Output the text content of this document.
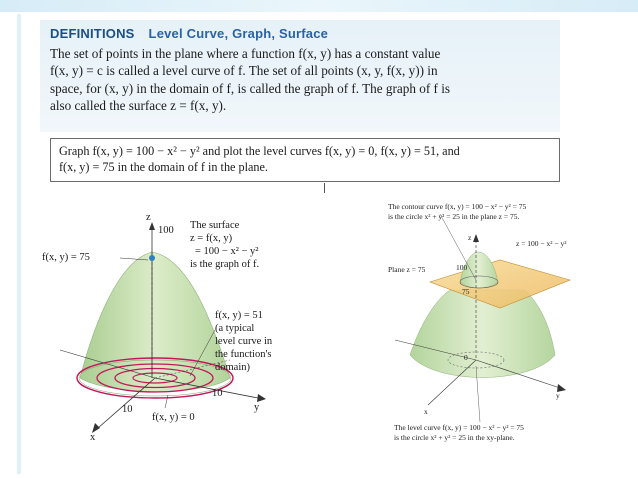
DEFINITIONS Level Curve, Graph, Surface
The set of points in the plane where a function f(x, y) has a constant value
f(x, y) = c is called a level curve of f. The set of all points (x, y, f(x, y)) in
space, for (x, y) in the domain of f, is called the graph of f. The graph of f is
also called the surface z = f(x, y).
Graph f(x, y) = 100 − x² − y² and plot the level curves f(x, y) = 0, f(x, y) = 51, and
f(x, y) = 75 in the domain of f in the plane.
z
100 The surface
z = f(x, y)
= 100 − x² − y²
is the graph of f.
f(x, y) = 75
f(x, y) = 51
(a typical
level curve in
the function's
domain)
10
y
10
x
f(x, y) = 0
The contour curve f(x, y) = 100 − x² − y² = 75
is the circle x² + y² = 25 in the plane z = 75.
z
z = 100 − x² − y²
Plane z = 75	100
75
0
y
x
The level curve f(x, y) = 100 − x² − y² = 75
is the circle x² + y² = 25 in the xy-plane.
